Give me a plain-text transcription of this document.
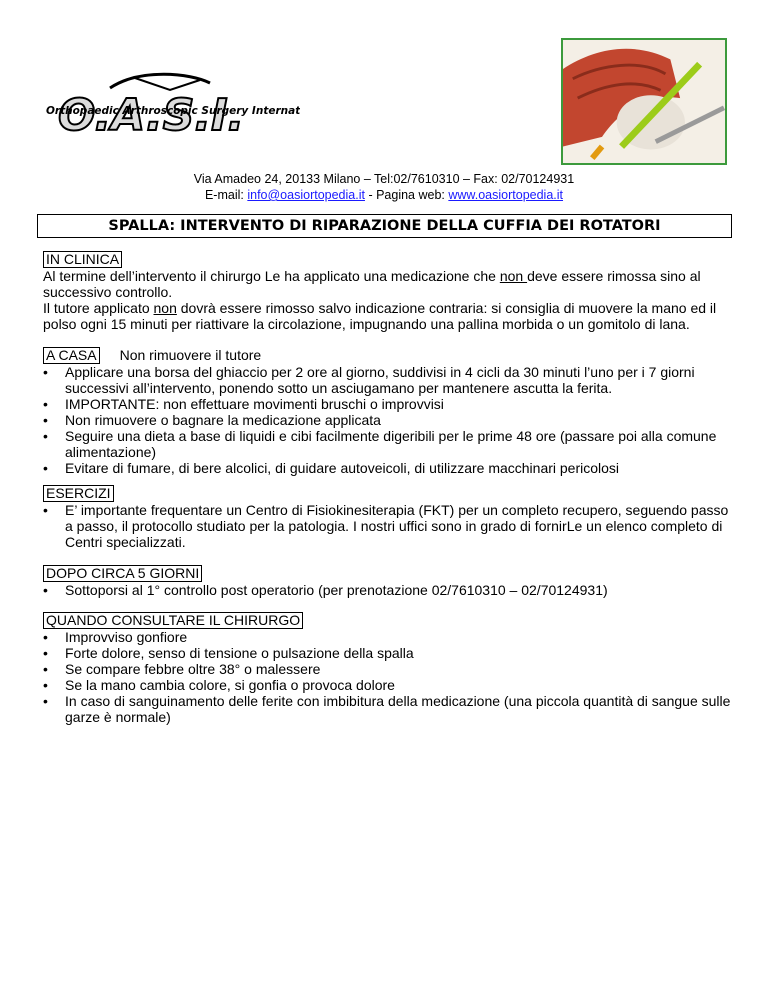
O.A.S.I.
Orthopaedic Arthroscopic Surgery Internat
Via Amadeo 24, 20133 Milano – Tel:02/7610310 – Fax: 02/70124931
E-mail: info@oasiortopedia.it - Pagina web: www.oasiortopedia.it
SPALLA: INTERVENTO DI RIPARAZIONE DELLA CUFFIA DEI ROTATORI
IN CLINICA

Al termine dell’intervento il chirurgo Le ha applicato una medicazione che non deve essere rimossa sino al successivo controllo.

Il tutore applicato non dovrà essere rimosso salvo indicazione contraria: si consiglia di muovere la mano ed il polso ogni 15 minuti per riattivare la circolazione, impugnando una pallina morbida o un gomitolo di lana.

A CASA Non rimuovere il tutore
• Applicare una borsa del ghiaccio per 2 ore al giorno, suddivisi in 4 cicli da 30 minuti l’uno per i 7 giorni successivi all’intervento, ponendo sotto un asciugamano per mantenere ascutta la ferita.
• IMPORTANTE: non effettuare movimenti bruschi o improvvisi
• Non rimuovere o bagnare la medicazione applicata
• Seguire una dieta a base di liquidi e cibi facilmente digeribili per le prime 48 ore (passare poi alla comune alimentazione)
• Evitare di fumare, di bere alcolici, di guidare autoveicoli, di utilizzare macchinari pericolosi
ESERCIZI
• E’ importante frequentare un Centro di Fisiokinesiterapia (FKT) per un completo recupero, seguendo passo a passo, il protocollo studiato per la patologia. I nostri uffici sono in grado di fornirLe un elenco completo di Centri specializzati.
DOPO CIRCA 5 GIORNI
• Sottoporsi al 1° controllo post operatorio (per prenotazione 02/7610310 – 02/70124931)
QUANDO CONSULTARE IL CHIRURGO
• Improvviso gonfiore
• Forte dolore, senso di tensione o pulsazione della spalla
• Se compare febbre oltre 38° o malessere
• Se la mano cambia colore, si gonfia o provoca dolore
• In caso di sanguinamento delle ferite con imbibitura della medicazione (una piccola quantità di sangue sulle garze è normale)
